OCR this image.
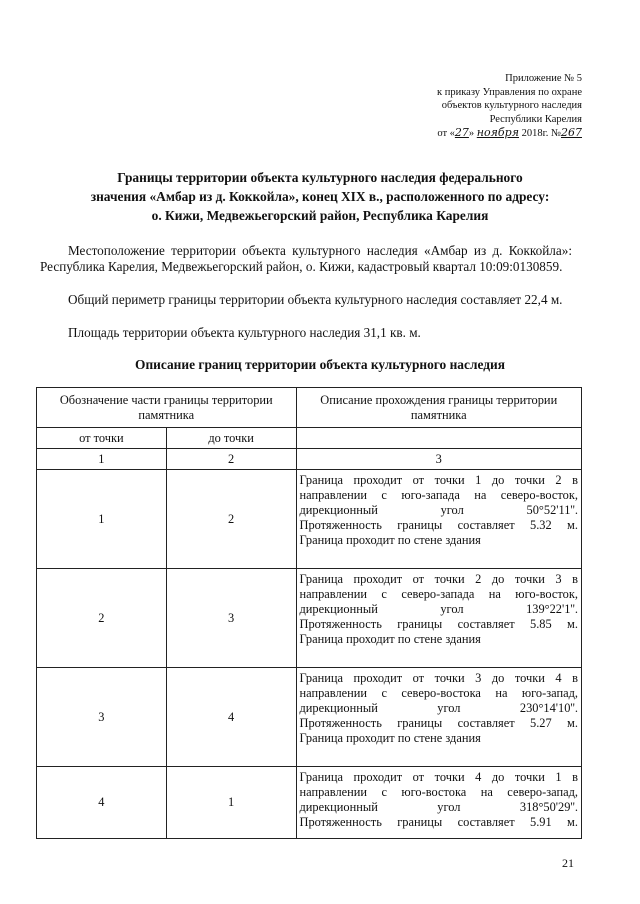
Приложение № 5
к приказу Управления по охране
объектов культурного наследия
Республики Карелия
от «27» ноября 2018г. №267
Границы территории объекта культурного наследия федерального
значения «Амбар из д. Коккойла», конец XIX в., расположенного по адресу:
о. Кижи, Медвежьегорский район, Республика Карелия
Местоположение территории объекта культурного наследия «Амбар из д. Коккойла»: Республика Карелия, Медвежьегорский район, о. Кижи, кадастровый квартал 10:09:0130859.
Общий периметр границы территории объекта культурного наследия составляет 22,4 м.
Площадь территории объекта культурного наследия 31,1 кв. м.
Описание границ территории объекта культурного наследия
Обозначение части границы территории памятника		Описание прохождения границы территории памятника
от точки	до точки	
1	2	3
1	2	Граница проходит от точки 1 до точки 2 в
направлении с юго-запада на северо-восток,
дирекционный угол 50°52'11''.
Протяженность границы составляет 5.32 м.
Граница проходит по стене здания

2	3	Граница проходит от точки 2 до точки 3 в
направлении с северо-запада на юго-восток,
дирекционный угол 139°22'1''.
Протяженность границы составляет 5.85 м.
Граница проходит по стене здания

3	4	Граница проходит от точки 3 до точки 4 в
направлении с северо-востока на юго-запад,
дирекционный угол 230°14'10''.
Протяженность границы составляет 5.27 м.
Граница проходит по стене здания

4	1	Граница проходит от точки 4 до точки 1 в
направлении с юго-востока на северо-запад,
дирекционный угол 318°50'29''.
Протяженность границы составляет 5.91 м.
21
